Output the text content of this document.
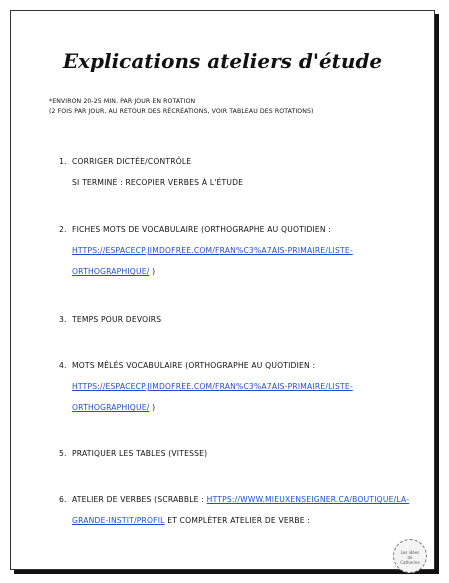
Explications ateliers d'étude
*ENVIRON 20-25 MIN. PAR JOUR EN ROTATION
(2 FOIS PAR JOUR, AU RETOUR DES RÉCRÉATIONS, VOIR TABLEAU DES ROTATIONS)
1. CORRIGER DICTÉE/CONTRÔLE
SI TERMINÉ : RECOPIER VERBES À L'ÉTUDE
2. FICHES MOTS DE VOCABULAIRE (ORTHOGRAPHE AU QUOTIDIEN :
HTTPS://ESPACECP.JIMDOFREE.COM/FRAN%C3%A7AIS-PRIMAIRE/LISTE-
ORTHOGRAPHIQUE/ )
3. TEMPS POUR DEVOIRS
4. MOTS MÊLÉS VOCABULAIRE (ORTHOGRAPHE AU QUOTIDIEN :
HTTPS://ESPACECP.JIMDOFREE.COM/FRAN%C3%A7AIS-PRIMAIRE/LISTE-
ORTHOGRAPHIQUE/ )
5. PRATIQUER LES TABLES (VITESSE)
6. ATELIER DE VERBES (SCRABBLE : HTTPS://WWW.MIEUXENSEIGNER.CA/BOUTIQUE/LA-
GRANDE-INSTIT/PROFIL ET COMPLÉTER ATELIER DE VERBE :
Les idées
de
Catherine
